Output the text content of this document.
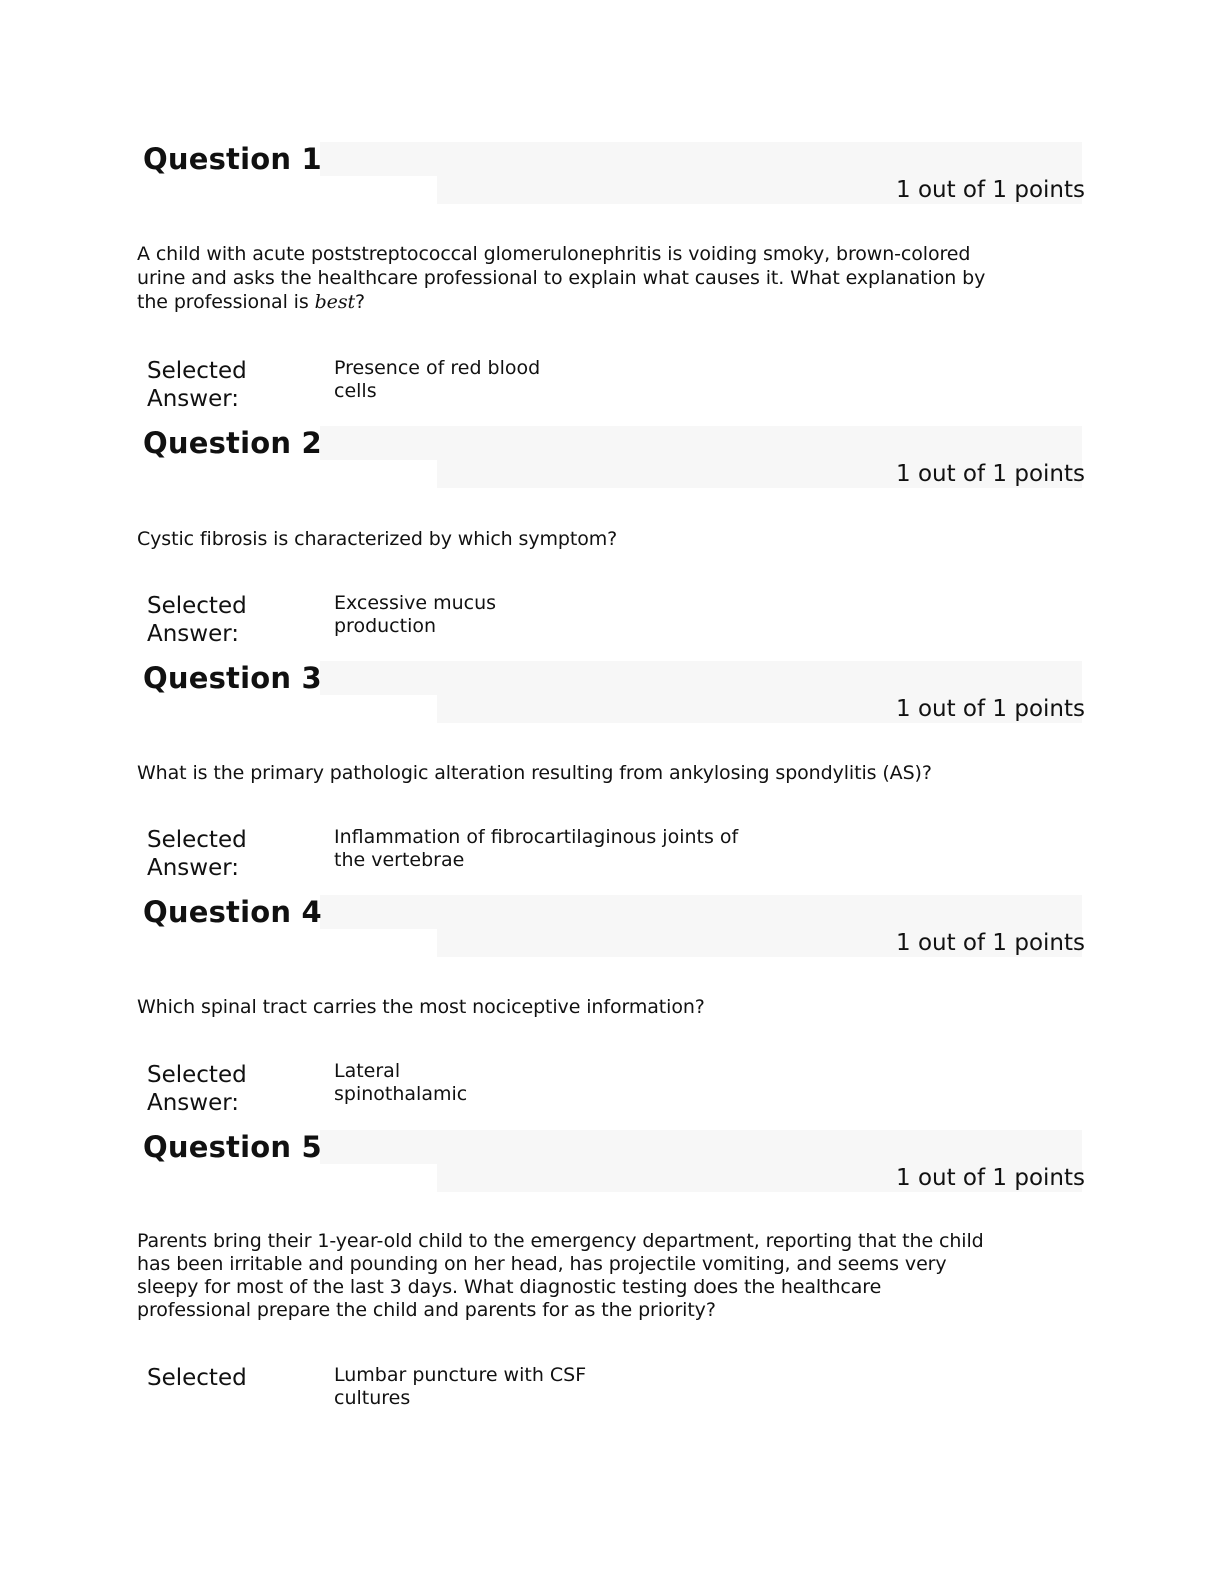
Question 1
1 out of 1 points
A child with acute poststreptococcal glomerulonephritis is voiding smoky, brown-colored urine and asks the healthcare professional to explain what causes it. What explanation by the professional is best?
Selected
Answer:
Presence of red blood
cells
Question 2
1 out of 1 points
Cystic fibrosis is characterized by which symptom?
Selected
Answer:
Excessive mucus
production
Question 3
1 out of 1 points
What is the primary pathologic alteration resulting from ankylosing spondylitis (AS)?
Selected
Answer:
Inflammation of fibrocartilaginous joints of
the vertebrae
Question 4
1 out of 1 points
Which spinal tract carries the most nociceptive information?
Selected
Answer:
Lateral
spinothalamic
Question 5
1 out of 1 points
Parents bring their 1-year-old child to the emergency department, reporting that the child has been irritable and pounding on her head, has projectile vomiting, and seems very sleepy for most of the last 3 days. What diagnostic testing does the healthcare professional prepare the child and parents for as the priority?
Selected	Lumbar puncture with CSF
cultures
